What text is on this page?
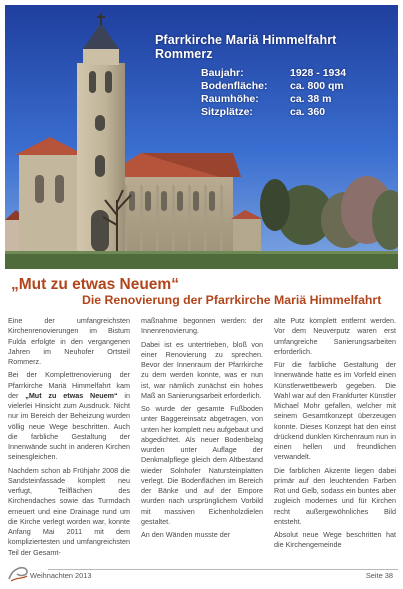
Pfarrkirche Mariä Himmelfahrt Rommerz
Baujahr:	1928 - 1934
Bodenfläche:	ca. 800 qm
Raumhöhe:	ca. 38 m
Sitzplätze:	ca. 360
„Mut zu etwas Neuem“
Die Renovierung der Pfarrkirche Mariä Himmelfahrt

Eine der umfangreichsten Kirchenrenovierungen im Bistum Fulda erfolgte in den vergangenen Jahren im Neuhofer Ortsteil Rommerz.

Bei der Komplettrenovierung der Pfarrkirche Mariä Himmelfahrt kam der „Mut zu etwas Neuem“ in vielerlei Hinsicht zum Ausdruck. Nicht nur im Bereich der Beheizung wurden völlig neue Wege beschritten. Auch die farbliche Gestaltung der Innenwände sucht in anderen Kirchen seinesgleichen.

Nachdem schon ab Frühjahr 2008 die Sandsteinfassade komplett neu verfugt, Teilflächen des Kirchendaches sowie das Turmdach erneuert und eine Drainage rund um die Kirche verlegt worden war, konnte Anfang Mai 2011 mit dem kompliziertesten und umfangreichsten Teil der Gesamt-

maßnahme begonnen werden: der Innenrenovierung.

Dabei ist es untertrieben, bloß von einer Renovierung zu sprechen. Bevor der Innenraum der Pfarrkirche zu dem werden konnte, was er nun ist, war nämlich zunächst ein hohes Maß an Sanierungsarbeit erforderlich.

So wurde der gesamte Fußboden unter Baggereinsatz abgetragen, von unten her komplett neu aufgebaut und abgedichtet. Als neuer Bodenbelag wurden unter Auflage der Denkmalpflege gleich dem Altbestand wieder Solnhofer Natursteinplatten verlegt. Die Bodenflächen im Bereich der Bänke und auf der Empore wurden nach ursprünglichem Vorbild mit massiven Eichenholzdielen gestaltet.

An den Wänden musste der

alte Putz komplett entfernt werden. Vor dem Neuverputz waren erst umfangreiche Sanierungsarbeiten erforderlich.

Für die farbliche Gestaltung der Innenwände hatte es im Vorfeld einen Künstlerwettbewerb gegeben. Die Wahl war auf den Frankfurter Künstler Michael Mohr gefallen, welcher mit seinem Gesamtkonzept überzeugen konnte. Dieses Konzept hat den einst drückend dunklen Kirchenraum nun in einen hellen und freundlichen verwandelt.

Die farblichen Akzente liegen dabei primär auf den leuchtenden Farben Rot und Gelb, sodass ein buntes aber zugleich modernes und für Kirchen recht außergewöhnliches Bild entsteht.

Absolut neue Wege beschritten hat die Kirchengemeinde

Weihnachten 2013	Seite 38
